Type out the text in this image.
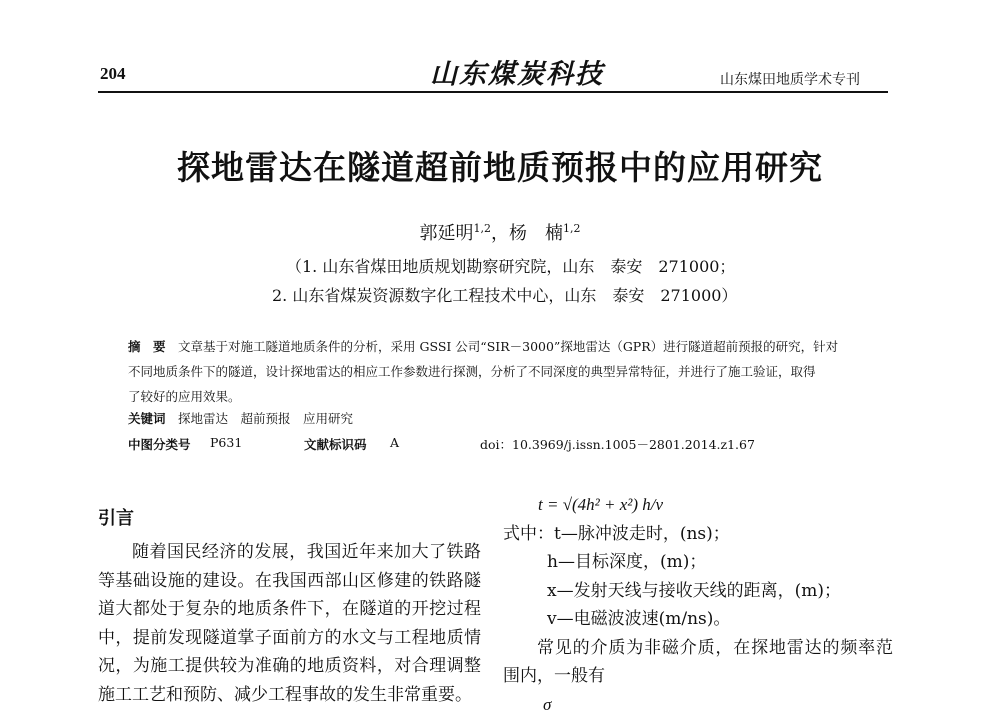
204	山东煤炭科技	山东煤田地质学术专刊
探地雷达在隧道超前地质预报中的应用研究
郭延明$^{1,2}$，杨　楠$^{1,2}$
（1. 山东省煤田地质规划勘察研究院，山东　泰安　271000；
2. 山东省煤炭资源数字化工程技术中心，山东　泰安　271000）
摘　要　 文章基于对施工隧道地质条件的分析，采用 GSSI 公司“SIR－3000”探地雷达（GPR）进行隧道超前预报的研究，针对
不同地质条件下的隧道，设计探地雷达的相应工作参数进行探测，分析了不同深度的典型异常特征，并进行了施工验证，取得
了较好的应用效果。
关键词　 探地雷达　超前预报　应用研究
中图分类号 P631	文献标识码 A	doi：10.3969/j.issn.1005－2801.2014.z1.67
引言

随着国民经济的发展，我国近年来加大了铁路等基础设施的建设。在我国西部山区修建的铁路隧道大都处于复杂的地质条件下，在隧道的开挖过程中，提前发现隧道掌子面前方的水文与工程地质情况，为施工提供较为准确的地质资料，对合理调整施工工艺和预防、减少工程事故的发生非常重要。

t = √(4h² + x²) h/v
式中：t—脉冲波走时，(ns)；
h—目标深度，(m)；
x—发射天线与接收天线的距离，(m)；
v—电磁波波速(m/ns)。

常见的介质为非磁介质，在探地雷达的频率范围内，一般有

σ
